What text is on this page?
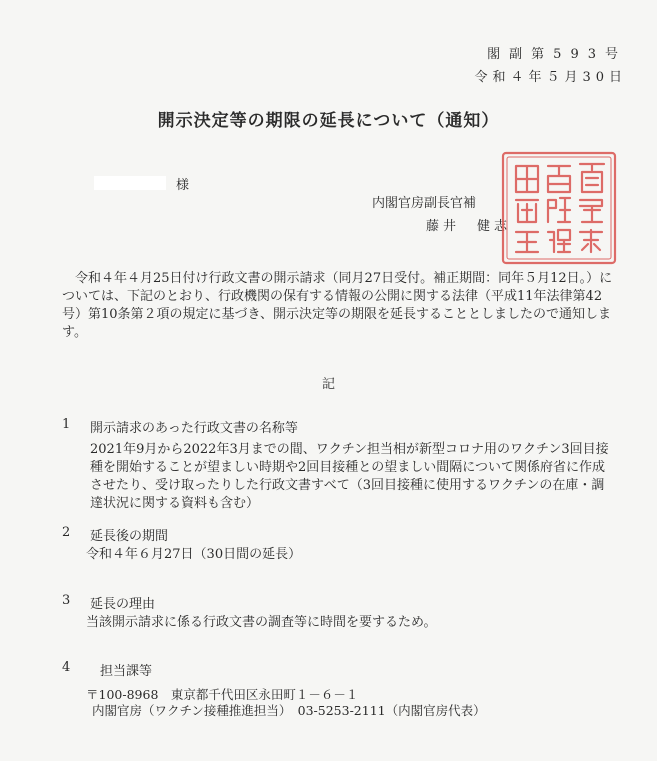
閣副第593号
令和４年５月30日
開示決定等の期限の延長について（通知）
様
内閣官房副長官補
藤井　健志
令和４年４月25日付け行政文書の開示請求（同月27日受付。補正期間：同年５月12日。）については、下記のとおり、行政機関の保有する情報の公開に関する法律（平成11年法律第42号）第10条第２項の規定に基づき、開示決定等の期限を延長することとしましたので通知します。
記
1 開示請求のあった行政文書の名称等
2021年9月から2022年3月までの間、ワクチン担当相が新型コロナ用のワクチン3回目接種を開始することが望ましい時期や2回目接種との望ましい間隔について関係府省に作成させたり、受け取ったりした行政文書すべて（3回目接種に使用するワクチンの在庫・調達状況に関する資料も含む）
2 延長後の期間
令和４年６月27日（30日間の延長）
3 延長の理由
当該開示請求に係る行政文書の調査等に時間を要するため。
4 担当課等
〒100-8968　東京都千代田区永田町１－６－１
内閣官房（ワクチン接種推進担当）　03-5253-2111（内閣官房代表）
